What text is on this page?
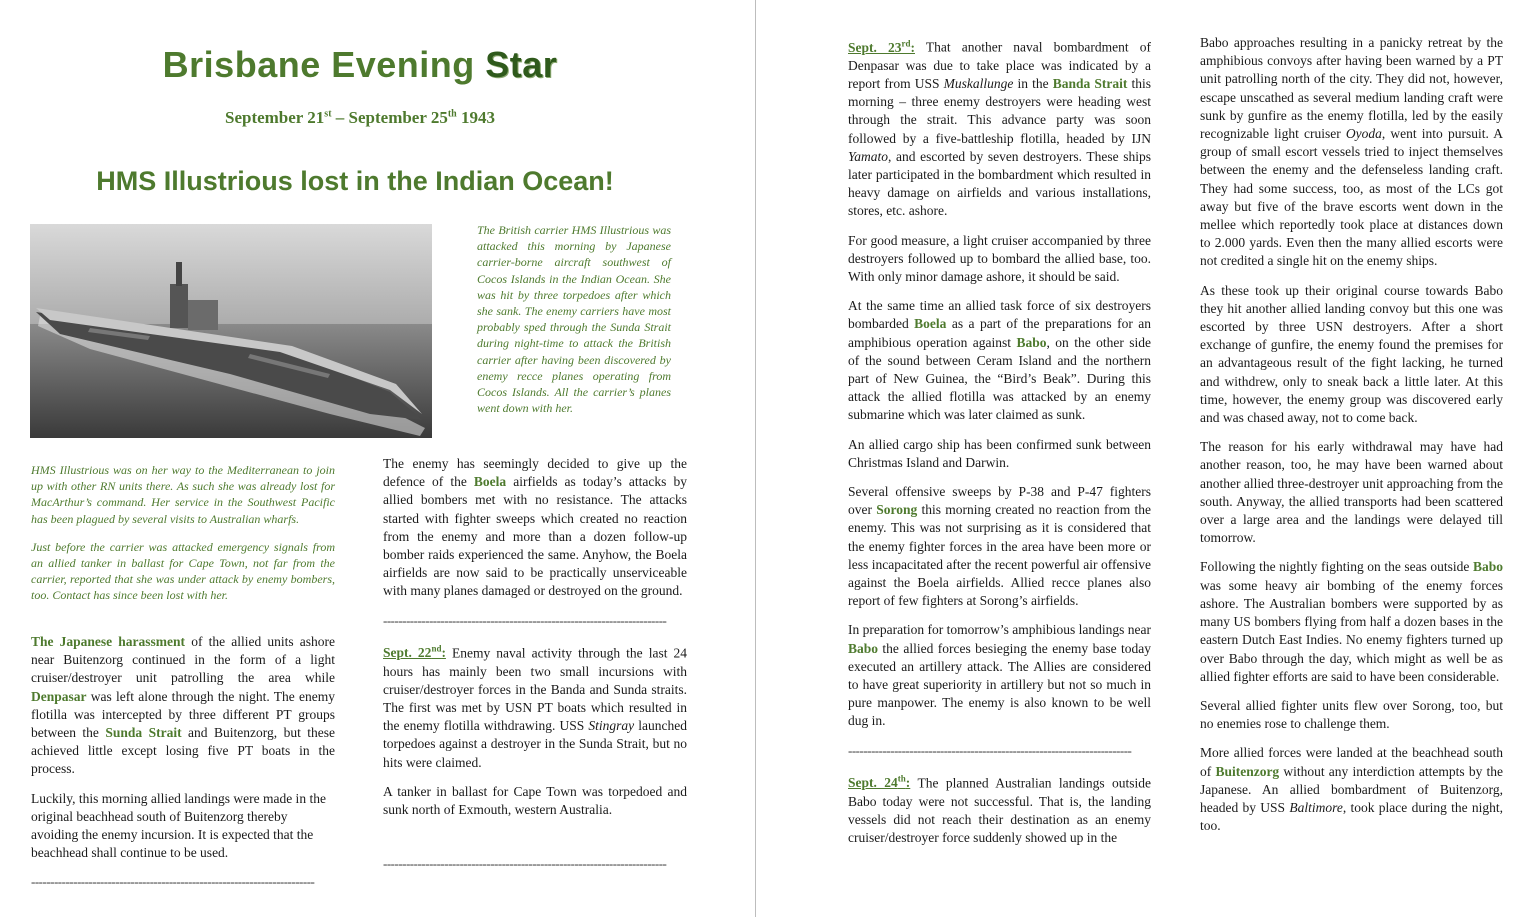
Brisbane Evening Star
September 21st – September 25th 1943
HMS Illustrious lost in the Indian Ocean!
The British carrier HMS Illustrious was attacked this morning by Japanese carrier-borne aircraft southwest of Cocos Islands in the Indian Ocean. She was hit by three torpedoes after which she sank. The enemy carriers have most probably sped through the Sunda Strait during night-time to attack the British carrier after having been discovered by enemy recce planes operating from Cocos Islands. All the carrier’s planes went down with her.

HMS Illustrious was on her way to the Mediterranean to join up with other RN units there. As such she was already lost for MacArthur’s command. Her service in the Southwest Pacific has been plagued by several visits to Australian wharfs.

Just before the carrier was attacked emergency signals from an allied tanker in ballast for Cape Town, not far from the carrier, reported that she was under attack by enemy bombers, too. Contact has since been lost with her.

The Japanese harassment of the allied units ashore near Buitenzorg continued in the form of a light cruiser/destroyer unit patrolling the area while Denpasar was left alone through the night. The enemy flotilla was intercepted by three different PT groups between the Sunda Strait and Buitenzorg, but these achieved little except losing five PT boats in the process.

Luckily, this morning allied landings were made in the original beachhead south of Buitenzorg thereby avoiding the enemy incursion. It is expected that the beachhead shall continue to be used.

--------------------------------------------------------------------------

The enemy has seemingly decided to give up the defence of the Boela airfields as today’s attacks by allied bombers met with no resistance. The attacks started with fighter sweeps which created no reaction from the enemy and more than a dozen follow-up bomber raids experienced the same. Anyhow, the Boela airfields are now said to be practically unserviceable with many planes damaged or destroyed on the ground.

--------------------------------------------------------------------------

Sept. 22nd: Enemy naval activity through the last 24 hours has mainly been two small incursions with cruiser/destroyer forces in the Banda and Sunda straits. The first was met by USN PT boats which resulted in the enemy flotilla withdrawing. USS Stingray launched torpedoes against a destroyer in the Sunda Strait, but no hits were claimed.

A tanker in ballast for Cape Town was torpedoed and sunk north of Exmouth, western Australia.

--------------------------------------------------------------------------

Sept. 23rd: That another naval bombardment of Denpasar was due to take place was indicated by a report from USS Muskallunge in the Banda Strait this morning – three enemy destroyers were heading west through the strait. This advance party was soon followed by a five-battleship flotilla, headed by IJN Yamato, and escorted by seven destroyers. These ships later participated in the bombardment which resulted in heavy damage on airfields and various installations, stores, etc. ashore.

For good measure, a light cruiser accompanied by three destroyers followed up to bombard the allied base, too. With only minor damage ashore, it should be said.

At the same time an allied task force of six destroyers bombarded Boela as a part of the preparations for an amphibious operation against Babo, on the other side of the sound between Ceram Island and the northern part of New Guinea, the “Bird’s Beak”. During this attack the allied flotilla was attacked by an enemy submarine which was later claimed as sunk.

An allied cargo ship has been confirmed sunk between Christmas Island and Darwin.

Several offensive sweeps by P-38 and P-47 fighters over Sorong this morning created no reaction from the enemy. This was not surprising as it is considered that the enemy fighter forces in the area have been more or less incapacitated after the recent powerful air offensive against the Boela airfields. Allied recce planes also report of few fighters at Sorong’s airfields.

In preparation for tomorrow’s amphibious landings near Babo the allied forces besieging the enemy base today executed an artillery attack. The Allies are considered to have great superiority in artillery but not so much in pure manpower. The enemy is also known to be well dug in.

--------------------------------------------------------------------------

Sept. 24th: The planned Australian landings outside Babo today were not successful. That is, the landing vessels did not reach their destination as an enemy cruiser/destroyer force suddenly showed up in the

Babo approaches resulting in a panicky retreat by the amphibious convoys after having been warned by a PT unit patrolling north of the city. They did not, however, escape unscathed as several medium landing craft were sunk by gunfire as the enemy flotilla, led by the easily recognizable light cruiser Oyoda, went into pursuit. A group of small escort vessels tried to inject themselves between the enemy and the defenseless landing craft. They had some success, too, as most of the LCs got away but five of the brave escorts went down in the mellee which reportedly took place at distances down to 2.000 yards. Even then the many allied escorts were not credited a single hit on the enemy ships.

As these took up their original course towards Babo they hit another allied landing convoy but this one was escorted by three USN destroyers. After a short exchange of gunfire, the enemy found the premises for an advantageous result of the fight lacking, he turned and withdrew, only to sneak back a little later. At this time, however, the enemy group was discovered early and was chased away, not to come back.

The reason for his early withdrawal may have had another reason, too, he may have been warned about another allied three-destroyer unit approaching from the south. Anyway, the allied transports had been scattered over a large area and the landings were delayed till tomorrow.

Following the nightly fighting on the seas outside Babo was some heavy air bombing of the enemy forces ashore. The Australian bombers were supported by as many US bombers flying from half a dozen bases in the eastern Dutch East Indies. No enemy fighters turned up over Babo through the day, which might as well be as allied fighter efforts are said to have been considerable.

Several allied fighter units flew over Sorong, too, but no enemies rose to challenge them.

More allied forces were landed at the beachhead south of Buitenzorg without any interdiction attempts by the Japanese. An allied bombardment of Buitenzorg, headed by USS Baltimore, took place during the night, too.
